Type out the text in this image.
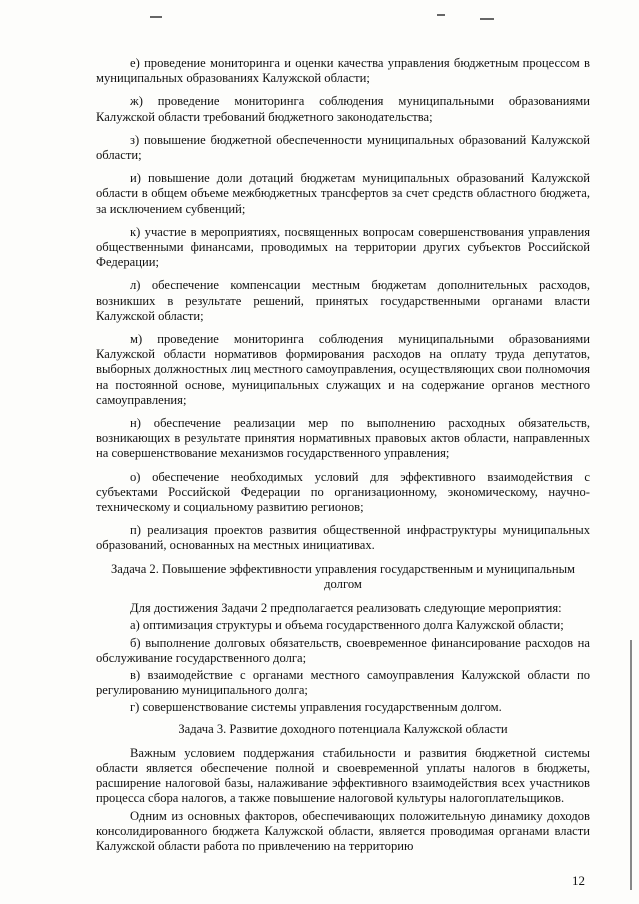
е) проведение мониторинга и оценки качества управления бюджетным процессом в муниципальных образованиях Калужской области;

ж) проведение мониторинга соблюдения муниципальными образованиями Калужской области требований бюджетного законодательства;

з) повышение бюджетной обеспеченности муниципальных образований Калужской области;

и) повышение доли дотаций бюджетам муниципальных образований Калужской области в общем объеме межбюджетных трансфертов за счет средств областного бюджета, за исключением субвенций;

к) участие в мероприятиях, посвященных вопросам совершенствования управления общественными финансами, проводимых на территории других субъектов Российской Федерации;

л) обеспечение компенсации местным бюджетам дополнительных расходов, возникших в результате решений, принятых государственными органами власти Калужской области;

м) проведение мониторинга соблюдения муниципальными образованиями Калужской области нормативов формирования расходов на оплату труда депутатов, выборных должностных лиц местного самоуправления, осуществляющих свои полномочия на постоянной основе, муниципальных служащих и на содержание органов местного самоуправления;

н) обеспечение реализации мер по выполнению расходных обязательств, возникающих в результате принятия нормативных правовых актов области, направленных на совершенствование механизмов государственного управления;

о) обеспечение необходимых условий для эффективного взаимодействия с субъектами Российской Федерации по организационному, экономическому, научно-техническому и социальному развитию регионов;

п) реализация проектов развития общественной инфраструктуры муниципальных образований, основанных на местных инициативах.

Задача 2. Повышение эффективности управления государственным и муниципальным долгом

Для достижения Задачи 2 предполагается реализовать следующие мероприятия:

а) оптимизация структуры и объема государственного долга Калужской области;

б) выполнение долговых обязательств, своевременное финансирование расходов на обслуживание государственного долга;

в) взаимодействие с органами местного самоуправления Калужской области по регулированию муниципального долга;

г) совершенствование системы управления государственным долгом.

Задача 3. Развитие доходного потенциала Калужской области

Важным условием поддержания стабильности и развития бюджетной системы области является обеспечение полной и своевременной уплаты налогов в бюджеты, расширение налоговой базы, налаживание эффективного взаимодействия всех участников процесса сбора налогов, а также повышение налоговой культуры налогоплательщиков.

Одним из основных факторов, обеспечивающих положительную динамику доходов консолидированного бюджета Калужской области, является проводимая органами власти Калужской области работа по привлечению на территорию

12
